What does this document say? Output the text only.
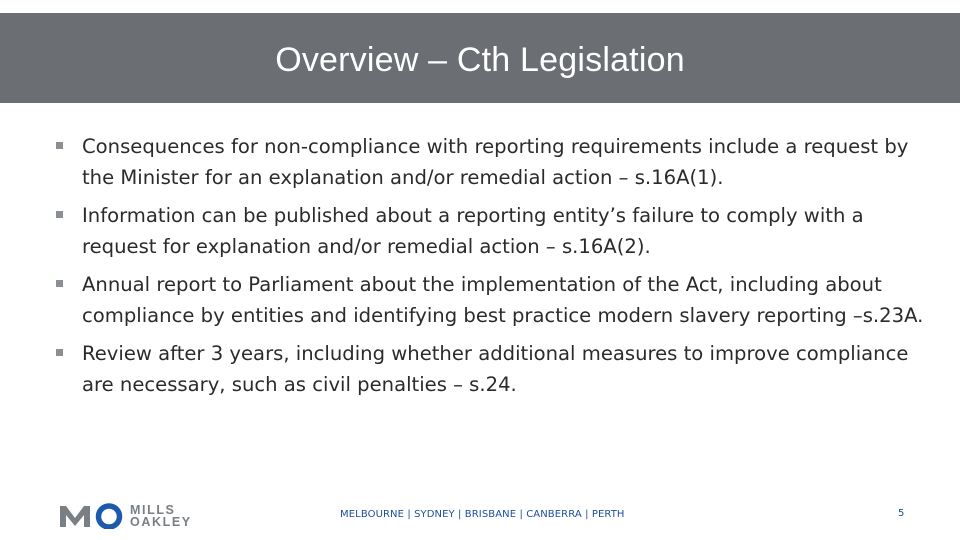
Overview – Cth Legislation
Consequences for non-compliance with reporting requirements include a request by the Minister for an explanation and/or remedial action – s.16A(1).
Information can be published about a reporting entity’s failure to comply with a request for explanation and/or remedial action – s.16A(2).
Annual report to Parliament about the implementation of the Act, including about compliance by entities and identifying best practice modern slavery reporting –s.23A.
Review after 3 years, including whether additional measures to improve compliance are necessary, such as civil penalties – s.24.
MILLS
OAKLEY
MELBOURNE | SYDNEY | BRISBANE | CANBERRA | PERTH	5
